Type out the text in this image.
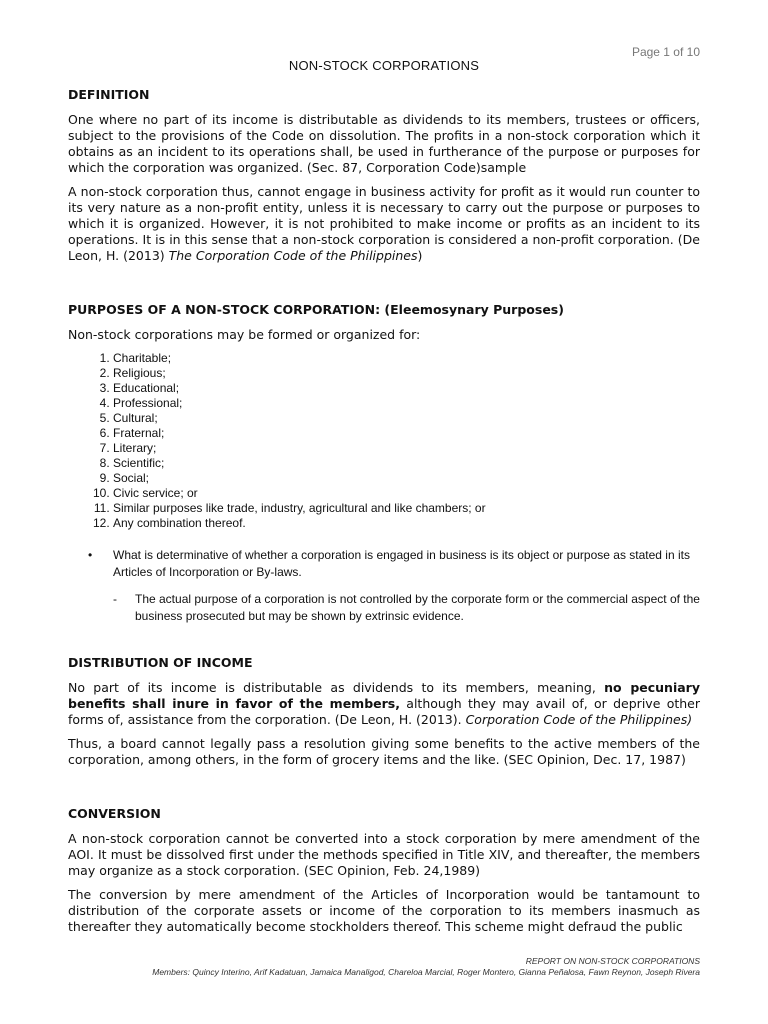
Page 1 of 10
NON-STOCK CORPORATIONS
DEFINITION

One where no part of its income is distributable as dividends to its members, trustees or officers, subject to the provisions of the Code on dissolution. The profits in a non-stock corporation which it obtains as an incident to its operations shall, be used in furtherance of the purpose or purposes for which the corporation was organized. (Sec. 87, Corporation Code)sample

A non-stock corporation thus, cannot engage in business activity for profit as it would run counter to its very nature as a non-profit entity, unless it is necessary to carry out the purpose or purposes to which it is organized. However, it is not prohibited to make income or profits as an incident to its operations. It is in this sense that a non-stock corporation is considered a non-profit corporation. (De Leon, H. (2013) The Corporation Code of the Philippines)

PURPOSES OF A NON-STOCK CORPORATION: (Eleemosynary Purposes)

Non-stock corporations may be formed or organized for:

1. Charitable;
2. Religious;
3. Educational;
4. Professional;
5. Cultural;
6. Fraternal;
7. Literary;
8. Scientific;
9. Social;
10. Civic service; or
11. Similar purposes like trade, industry, agricultural and like chambers; or
12. Any combination thereof.
• What is determinative of whether a corporation is engaged in business is its object or purpose as stated in its Articles of Incorporation or By-laws.
- The actual purpose of a corporation is not controlled by the corporate form or the commercial aspect of the business prosecuted but may be shown by extrinsic evidence.
DISTRIBUTION OF INCOME

No part of its income is distributable as dividends to its members, meaning, no pecuniary benefits shall inure in favor of the members, although they may avail of, or deprive other forms of, assistance from the corporation. (De Leon, H. (2013). Corporation Code of the Philippines)

Thus, a board cannot legally pass a resolution giving some benefits to the active members of the corporation, among others, in the form of grocery items and the like. (SEC Opinion, Dec. 17, 1987)

CONVERSION

A non-stock corporation cannot be converted into a stock corporation by mere amendment of the AOI. It must be dissolved first under the methods specified in Title XIV, and thereafter, the members may organize as a stock corporation. (SEC Opinion, Feb. 24,1989)

The conversion by mere amendment of the Articles of Incorporation would be tantamount to distribution of the corporate assets or income of the corporation to its members inasmuch as thereafter they automatically become stockholders thereof. This scheme might defraud the public

REPORT ON NON-STOCK CORPORATIONS
Members: Quincy Interino, Arif Kadatuan, Jamaica Manaligod, Chareloa Marcial, Roger Montero, Gianna Peñalosa, Fawn Reynon, Joseph Rivera
